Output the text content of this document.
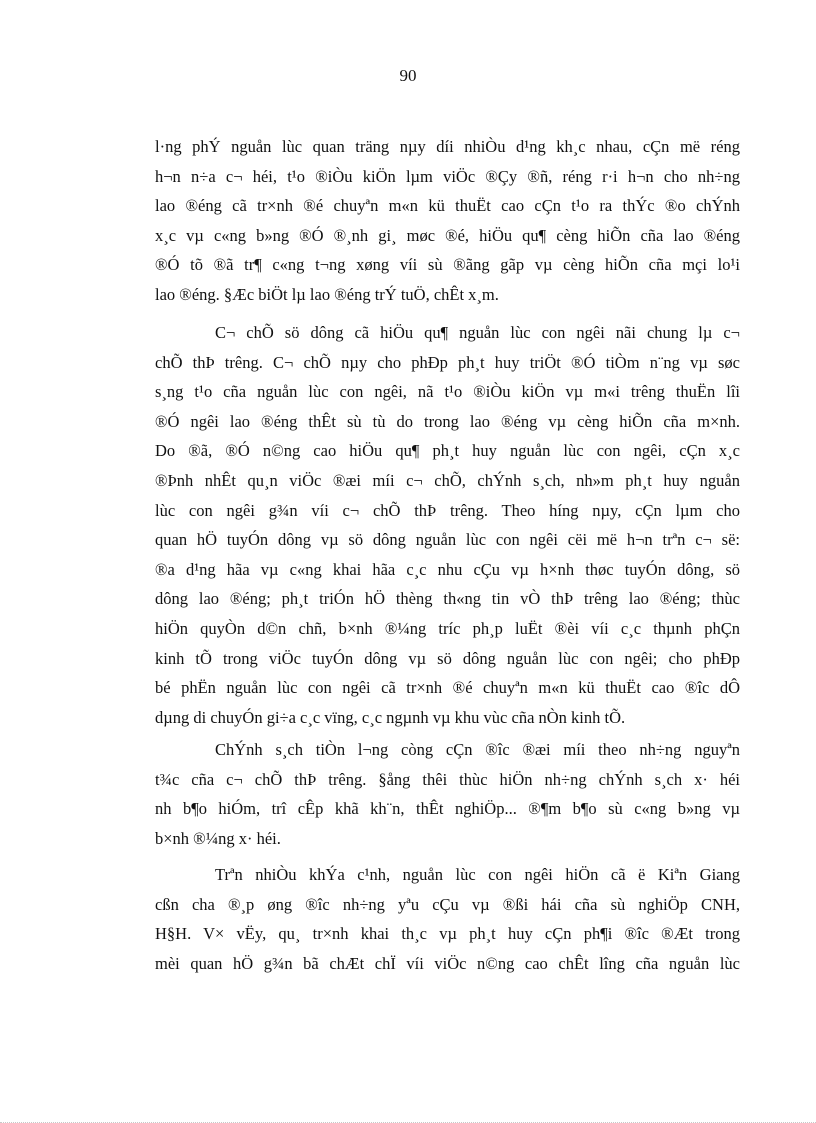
90
l·ng phÝ nguån lùc quan träng nµy díi nhiÒu d¹ng kh¸c nhau, cÇn më réng
h¬n n÷a c¬ héi, t¹o ®iÒu kiÖn lµm viÖc ®Çy ®ñ, réng r·i h¬n cho nh÷ng
lao ®éng cã tr×nh ®é chuyªn m«n kü thuËt cao cÇn t¹o ra thÝc ®o chÝnh
x¸c vµ c«ng b»ng ®Ó ®¸nh gi¸ møc ®é, hiÖu qu¶ cèng hiÕn cña lao ®éng
®Ó tõ ®ã tr¶ c«ng t¬ng xøng víi sù ®ãng gãp vµ cèng hiÕn cña mçi lo¹i
lao ®éng. §Æc biÖt lµ lao ®éng trÝ tuÖ, chÊt x¸m.
C¬ chÕ sö dông cã hiÖu qu¶ nguån lùc con ngêi nãi chung lµ c¬
chÕ thÞ trêng. C¬ chÕ nµy cho phÐp ph¸t huy triÖt ®Ó tiÒm n¨ng vµ søc
s¸ng t¹o cña nguån lùc con ngêi, nã t¹o ®iÒu kiÖn vµ m«i trêng thuËn lîi
®Ó ngêi lao ®éng thÊt sù tù do trong lao ®éng vµ cèng hiÕn cña m×nh.
Do ®ã, ®Ó n©ng cao hiÖu qu¶ ph¸t huy nguån lùc con ngêi, cÇn x¸c
®Þnh nhÊt qu¸n viÖc ®æi míi c¬ chÕ, chÝnh s¸ch, nh»m ph¸t huy nguån
lùc con ngêi g¾n víi c¬ chÕ thÞ trêng. Theo híng nµy, cÇn lµm cho
quan hÖ tuyÓn dông vµ sö dông nguån lùc con ngêi cëi më h¬n trªn c¬ së:
®a d¹ng hãa vµ c«ng khai hãa c¸c nhu cÇu vµ h×nh thøc tuyÓn dông, sö
dông lao ®éng; ph¸t triÓn hÖ thèng th«ng tin vÒ thÞ trêng lao ®éng; thùc
hiÖn quyÒn d©n chñ, b×nh ®¼ng tríc ph¸p luËt ®èi víi c¸c thµnh phÇn
kinh tÕ trong viÖc tuyÓn dông vµ sö dông nguån lùc con ngêi; cho phÐp
bé phËn nguån lùc con ngêi cã tr×nh ®é chuyªn m«n kü thuËt cao ®îc dÔ
dµng di chuyÓn gi÷a c¸c vïng, c¸c ngµnh vµ khu vùc cña nÒn kinh tÕ.
ChÝnh s¸ch tiÒn l¬ng còng cÇn ®îc ®æi míi theo nh÷ng nguyªn
t¾c cña c¬ chÕ thÞ trêng. §ång thêi thùc hiÖn nh÷ng chÝnh s¸ch x· héi
nh b¶o hiÓm, trî cÊp khã kh¨n, thÊt nghiÖp... ®¶m b¶o sù c«ng b»ng vµ
b×nh ®¼ng x· héi.
Trªn nhiÒu khÝa c¹nh, nguån lùc con ngêi hiÖn cã ë Kiªn Giang
cßn cha ®¸p øng ®îc nh÷ng yªu cÇu vµ ®ßi hái cña sù nghiÖp CNH,
H§H. V× vËy, qu¸ tr×nh khai th¸c vµ ph¸t huy cÇn ph¶i ®îc ®Æt trong
mèi quan hÖ g¾n bã chÆt chÏ víi viÖc n©ng cao chÊt lîng cña nguån lùc
